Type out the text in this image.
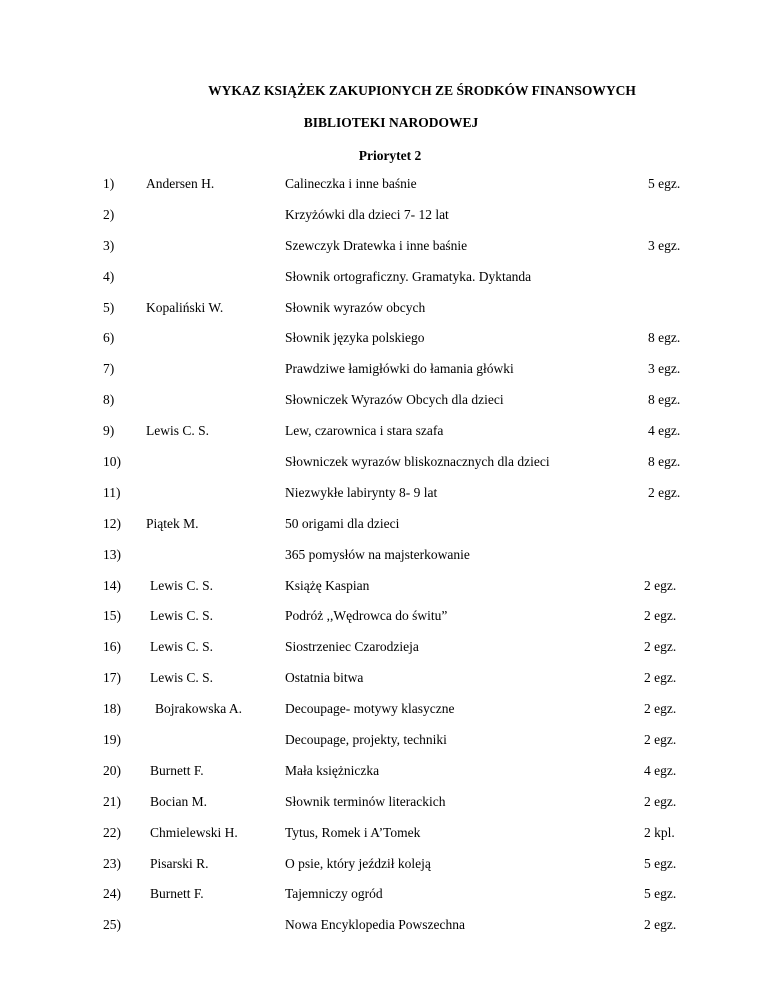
WYKAZ KSIĄŻEK ZAKUPIONYCH ZE ŚRODKÓW FINANSOWYCH
BIBLIOTEKI NARODOWEJ
Priorytet 2
1) Andersen H.	Calineczka i inne baśnie	5 egz.
2)	Krzyżówki dla dzieci 7- 12 lat
3)	Szewczyk Dratewka i inne baśnie	3 egz.
4)	Słownik ortograficzny. Gramatyka. Dyktanda
5) Kopaliński W.	Słownik wyrazów obcych
6)	Słownik języka polskiego	8 egz.
7)	Prawdziwe łamigłówki do łamania główki	3 egz.
8)	Słowniczek Wyrazów Obcych dla dzieci	8 egz.
9) Lewis C. S.	Lew, czarownica i stara szafa	4 egz.
10)	Słowniczek wyrazów bliskoznacznych dla dzieci	8 egz.
11)	Niezwykłe labirynty 8- 9 lat	2 egz.
12) Piątek M.	50 origami dla dzieci
13)	365 pomysłów na majsterkowanie
14) Lewis C. S.	Książę Kaspian	2 egz.
15) Lewis C. S.	Podróż ,,Wędrowca do świtu”	2 egz.
16) Lewis C. S.	Siostrzeniec Czarodzieja	2 egz.
17) Lewis C. S.	Ostatnia bitwa	2 egz.
18)	Bojrakowska A.	Decoupage- motywy klasyczne	2 egz.
19)	Decoupage, projekty, techniki	2 egz.
20) Burnett F.	Mała księżniczka	4 egz.
21) Bocian M.	Słownik terminów literackich	2 egz.
22) Chmielewski H.	Tytus, Romek i A’Tomek	2 kpl.
23) Pisarski R.	O psie, który jeździł koleją	5 egz.
24) Burnett F.	Tajemniczy ogród	5 egz.
25)	Nowa Encyklopedia Powszechna	2 egz.
